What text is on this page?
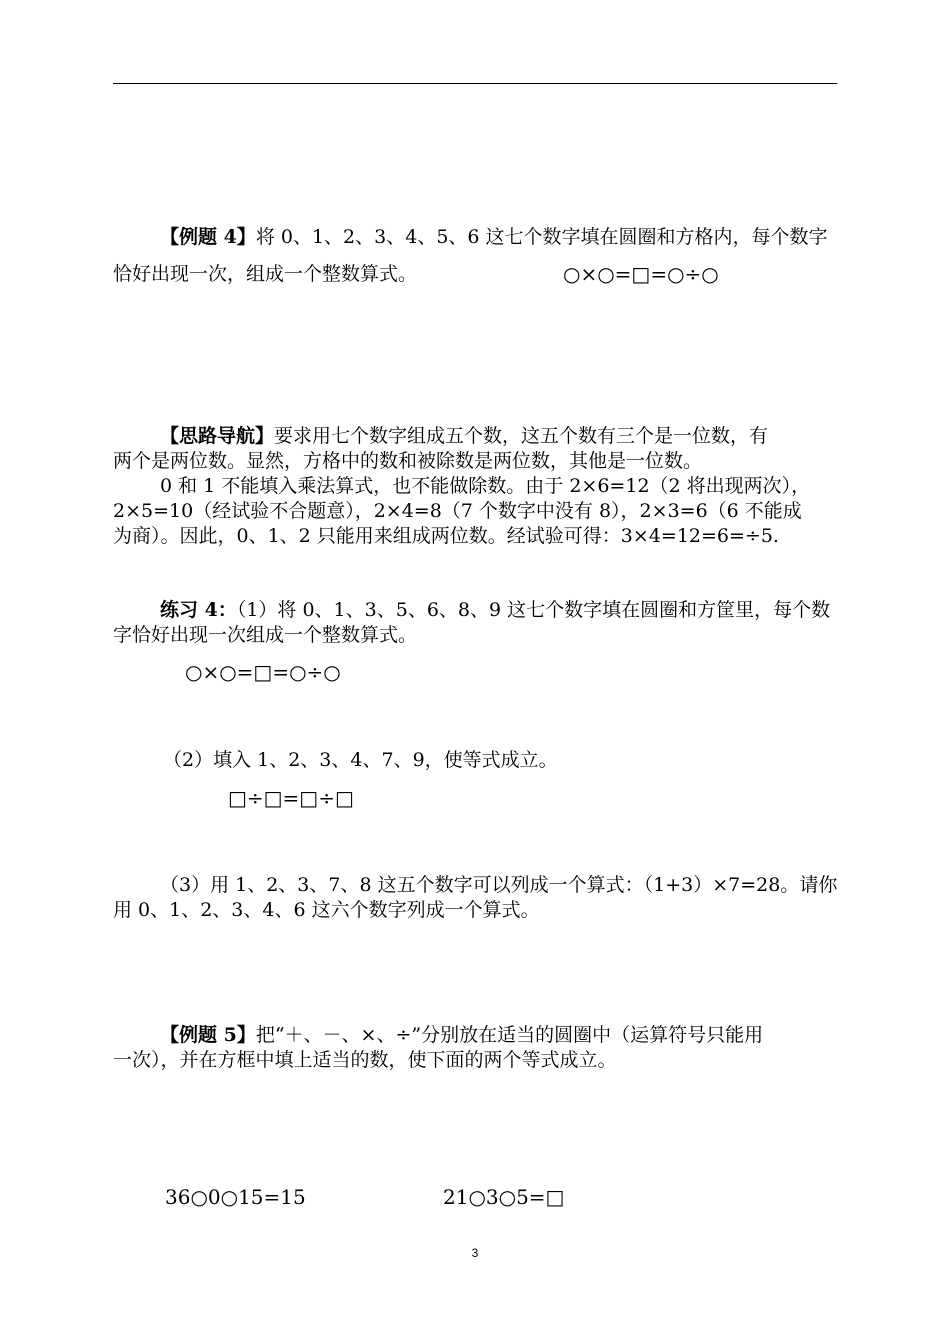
【例题 4】将 0、1、2、3、4、5、6 这七个数字填在圆圈和方格内，每个数字
恰好出现一次，组成一个整数算式。	○×○=□=○÷○
【思路导航】要求用七个数字组成五个数，这五个数有三个是一位数，有
两个是两位数。显然，方格中的数和被除数是两位数，其他是一位数。
0 和 1 不能填入乘法算式，也不能做除数。由于 2×6=12（2 将出现两次），
2×5=10（经试验不合题意），2×4=8（7 个数字中没有 8），2×3=6（6 不能成
为商）。因此，0、1、2 只能用来组成两位数。经试验可得：3×4=12=6=÷5.
练习 4：（1）将 0、1、3、5、6、8、9 这七个数字填在圆圈和方筐里，每个数
字恰好出现一次组成一个整数算式。
○×○=□=○÷○
（2）填入 1、2、3、4、7、9，使等式成立。
□÷□=□÷□
（3）用 1、2、3、7、8 这五个数字可以列成一个算式：（1+3）×7=28。请你
用 0、1、2、3、4、6 这六个数字列成一个算式。
【例题 5】把“＋、－、×、÷”分别放在适当的圆圈中（运算符号只能用
一次），并在方框中填上适当的数，使下面的两个等式成立。
36○0○15=15	21○3○5=□
3
